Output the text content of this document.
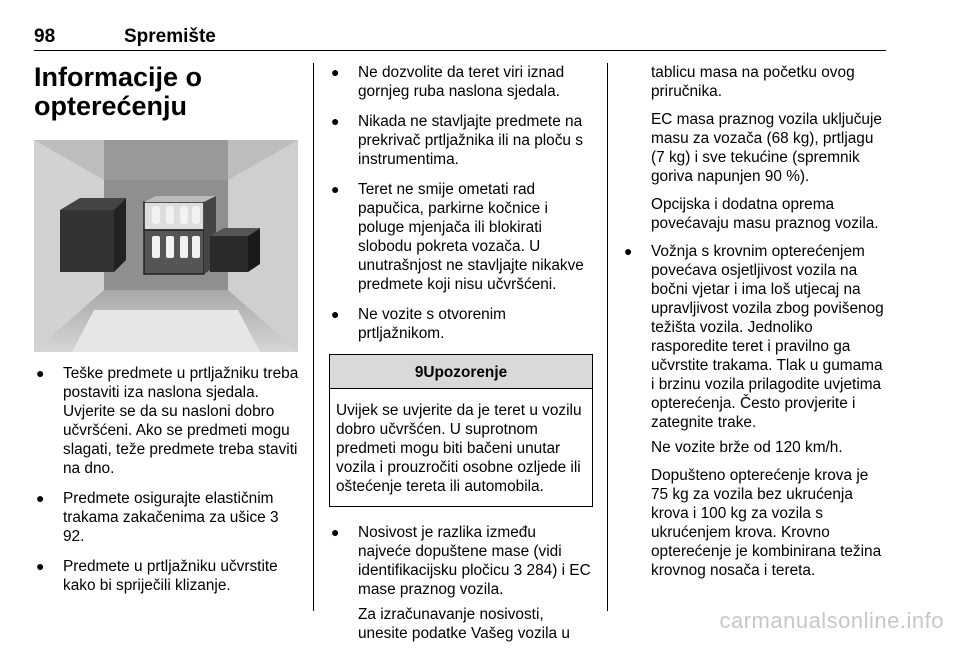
98	Spremište
Informacije o opterećenju
● Teške predmete u prtljažniku treba postaviti iza naslona sjedala. Uvjerite se da su nasloni dobro učvršćeni. Ako se predmeti mogu slagati, teže predmete treba staviti na dno.
● Predmete osigurajte elastičnim trakama zakačenima za ušice 3 92.
● Predmete u prtljažniku učvrstite kako bi spriječili klizanje.
● Ne dozvolite da teret viri iznad gornjeg ruba naslona sjedala.
● Nikada ne stavljajte predmete na prekrivač prtljažnika ili na ploču s instrumentima.
● Teret ne smije ometati rad papučica, parkirne kočnice i poluge mjenjača ili blokirati slobodu pokreta vozača. U unutrašnjost ne stavljajte nikakve predmete koji nisu učvršćeni.
● Ne vozite s otvorenim prtljažnikom.
9Upozorenje
Uvijek se uvjerite da je teret u vozilu dobro učvršćen. U suprotnom predmeti mogu biti bačeni unutar vozila i prouzročiti osobne ozljede ili oštećenje tereta ili automobila.
● Nosivost je razlika između najveće dopuštene mase (vidi identifikacijsku pločicu 3 284) i EC mase praznog vozila.
Za izračunavanje nosivosti, unesite podatke Vašeg vozila u
tablicu masa na početku ovog priručnika.
EC masa praznog vozila uključuje masu za vozača (68 kg), prtljagu (7 kg) i sve tekućine (spremnik goriva napunjen 90 %).
Opcijska i dodatna oprema povećavaju masu praznog vozila.
● Vožnja s krovnim opterećenjem povećava osjetljivost vozila na bočni vjetar i ima loš utjecaj na upravljivost vozila zbog povišenog težišta vozila. Jednoliko rasporedite teret i pravilno ga učvrstite trakama. Tlak u gumama i brzinu vozila prilagodite uvjetima opterećenja. Često provjerite i zategnite trake.
Ne vozite brže od 120 km/h.
Dopušteno opterećenje krova je 75 kg za vozila bez ukrućenja krova i 100 kg za vozila s ukrućenjem krova. Krovno opterećenje je kombinirana težina krovnog nosača i tereta.
carmanualsonline.info
